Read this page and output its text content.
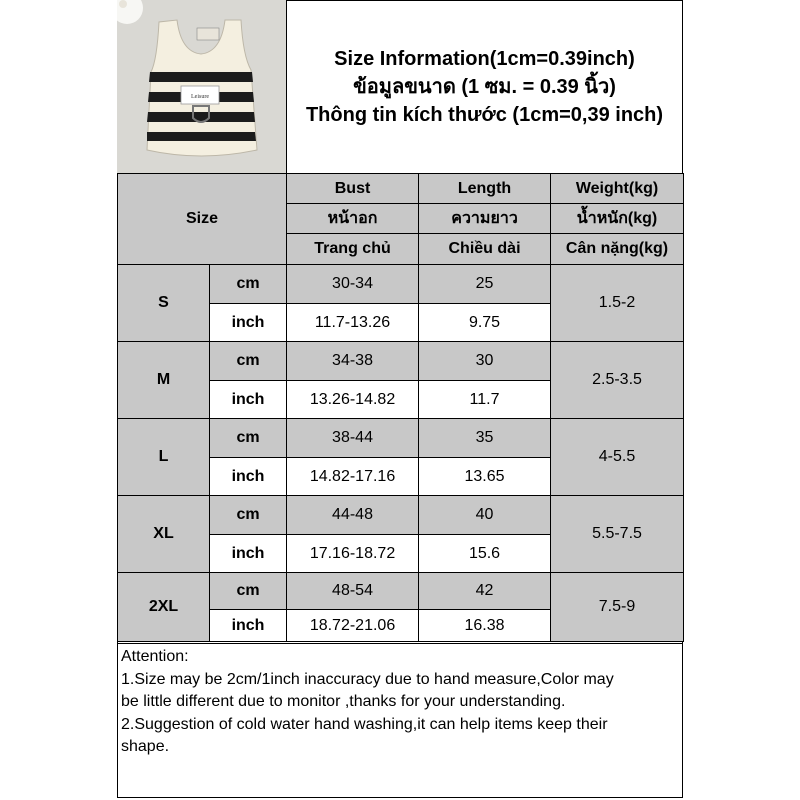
Leisure
Size Information(1cm=0.39inch)
ข้อมูลขนาด (1 ซม. = 0.39 นิ้ว)
Thông tin kích thước (1cm=0,39 inch)
Size		Bust	Length	Weight(kg)
		หน้าอก	ความยาว	น้ำหนัก(kg)
		Trang chủ	Chiều dài	Cân nặng(kg)
S	cm	30-34	25	1.5-2
	inch	11.7-13.26	9.75	
M	cm	34-38	30	2.5-3.5
	inch	13.26-14.82	11.7	
L	cm	38-44	35	4-5.5
	inch	14.82-17.16	13.65	
XL	cm	44-48	40	5.5-7.5
	inch	17.16-18.72	15.6	
2XL	cm	48-54	42	7.5-9
	inch	18.72-21.06	16.38	
Attention:
1.Size may be 2cm/1inch inaccuracy due to hand measure,Color may
be little different due to monitor ,thanks for your understanding.
2.Suggestion of cold water hand washing,it can help items keep their
shape.
